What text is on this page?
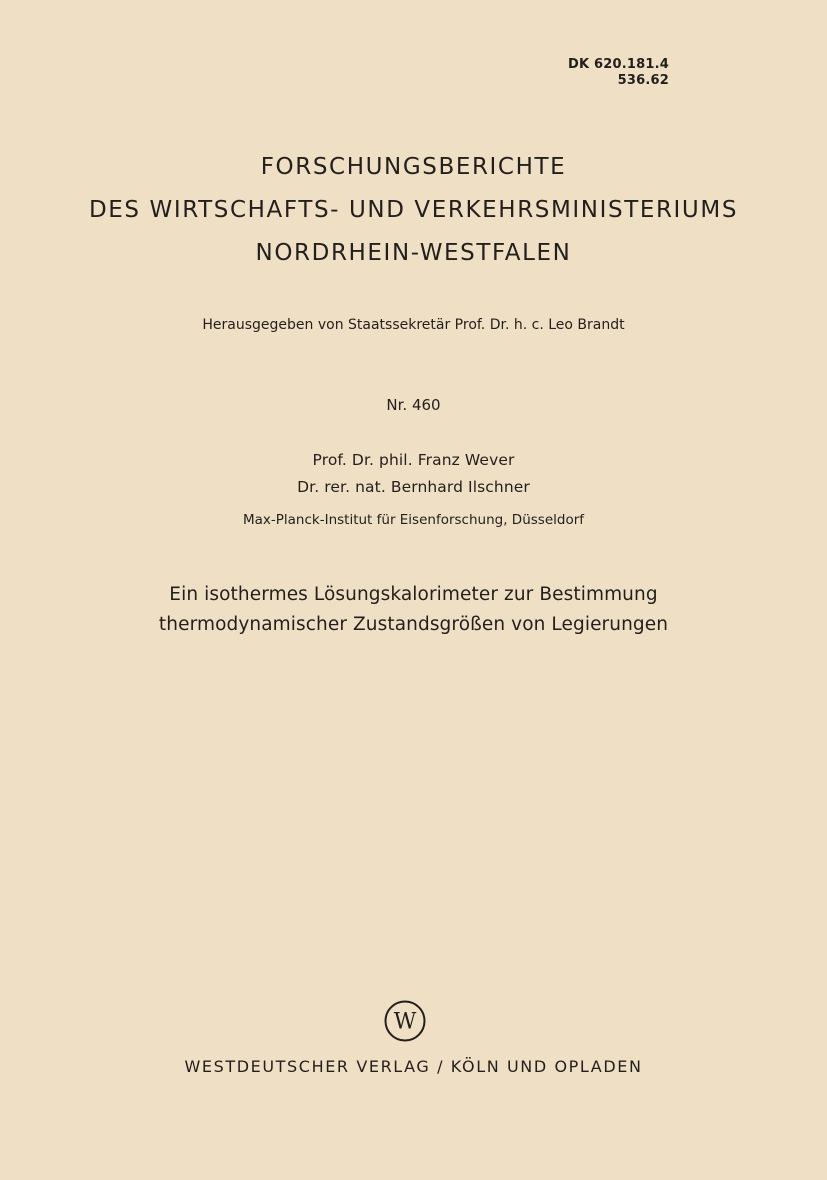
DK 620.181.4
536.62
FORSCHUNGSBERICHTE
DES WIRTSCHAFTS- UND VERKEHRSMINISTERIUMS
NORDRHEIN-WESTFALEN
Herausgegeben von Staatssekretär Prof. Dr. h. c. Leo Brandt
Nr. 460
Prof. Dr. phil. Franz Wever
Dr. rer. nat. Bernhard Ilschner
Max-Planck-Institut für Eisenforschung, Düsseldorf
Ein isothermes Lösungskalorimeter zur Bestimmung
thermodynamischer Zustandsgrößen von Legierungen
W
WESTDEUTSCHER VERLAG / KÖLN UND OPLADEN
